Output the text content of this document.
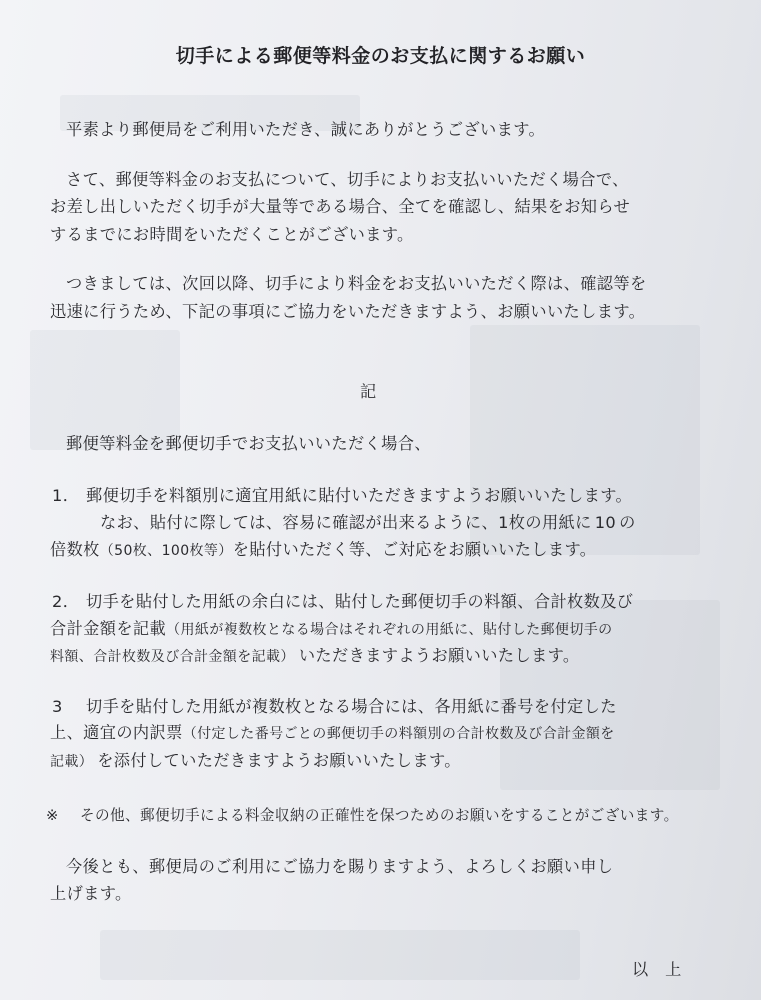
切手による郵便等料金のお支払に関するお願い
平素より郵便局をご利用いただき、誠にありがとうございます。
さて、郵便等料金のお支払について、切手によりお支払いいただく場合で、
お差し出しいただく切手が大量等である場合、全てを確認し、結果をお知らせ
するまでにお時間をいただくことがございます。
つきましては、次回以降、切手により料金をお支払いいただく際は、確認等を
迅速に行うため、下記の事項にご協力をいただきますよう、お願いいたします。
記
郵便等料金を郵便切手でお支払いいただく場合、
1． 郵便切手を料額別に適宜用紙に貼付いただきますようお願いいたします。
なお、貼付に際しては、容易に確認が出来るように、1枚の用紙に 10 の
倍数枚（50枚、100枚等）を貼付いただく等、ご対応をお願いいたします。
2． 切手を貼付した用紙の余白には、貼付した郵便切手の料額、合計枚数及び
合計金額を記載（用紙が複数枚となる場合はそれぞれの用紙に、貼付した郵便切手の
料額、合計枚数及び合計金額を記載） いただきますようお願いいたします。
3 切手を貼付した用紙が複数枚となる場合には、各用紙に番号を付定した
上、適宜の内訳票（付定した番号ごとの郵便切手の料額別の合計枚数及び合計金額を
記載） を添付していただきますようお願いいたします。
※ その他、郵便切手による料金収納の正確性を保つためのお願いをすることがございます。
今後とも、郵便局のご利用にご協力を賜りますよう、よろしくお願い申し
上げます。
以　上
